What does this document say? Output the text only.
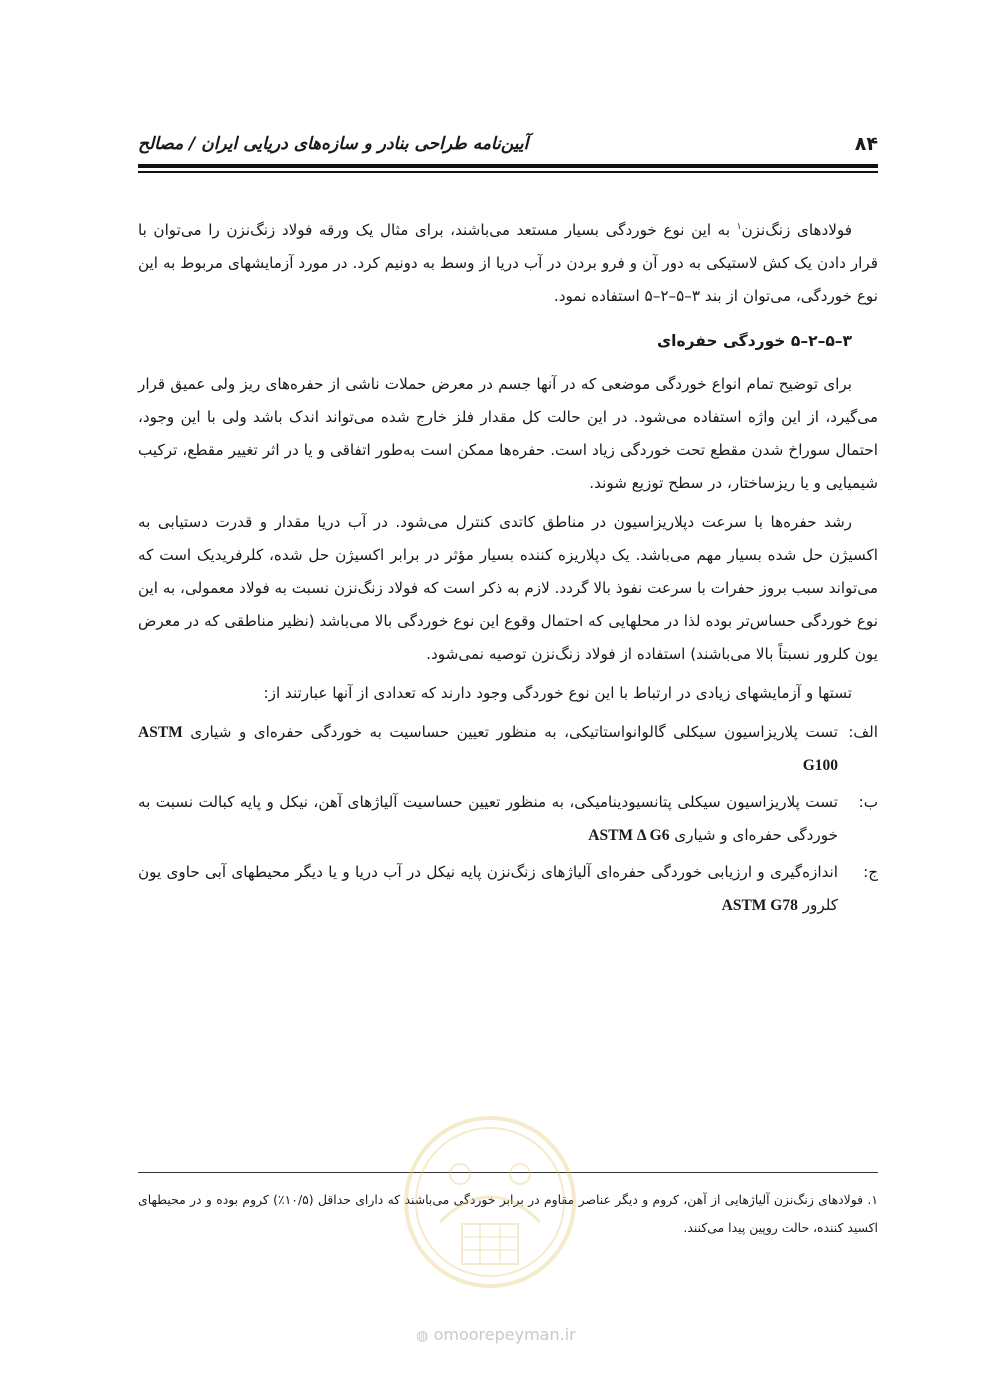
۸۴
آیین‌نامه طراحی بنادر و سازه‌های دریایی ایران / مصالح

فولادهای زنگ‌نزن$^۱$ به این نوع خوردگی بسیار مستعد می‌باشند، برای مثال یک ورقه فولاد زنگ‌نزن را می‌توان با قرار دادن یک کش لاستیکی به دور آن و فرو بردن در آب دریا از وسط به دونیم کرد. در مورد آزمایشهای مربوط به این نوع خوردگی، می‌توان از بند ۳–۵–۲–۵ استفاده نمود.

۳–۵–۲–۵ خوردگی حفره‌ای

برای توضیح تمام انواع خوردگی موضعی که در آنها جسم در معرض حملات ناشی از حفره‌های ریز ولی عمیق قرار می‌گیرد، از این واژه استفاده می‌شود. در این حالت کل مقدار فلز خارج شده می‌تواند اندک باشد ولی با این وجود، احتمال سوراخ شدن مقطع تحت خوردگی زیاد است. حفره‌ها ممکن است به‌طور اتفاقی و یا در اثر تغییر مقطع، ترکیب شیمیایی و یا ریزساختار، در سطح توزیع شوند.

رشد حفره‌ها با سرعت دپلاریزاسیون در مناطق کاتدی کنترل می‌شود. در آب دریا مقدار و قدرت دستیابی به اکسیژن حل شده بسیار مهم می‌باشد. یک دپلاریزه کننده بسیار مؤثر در برابر اکسیژن حل شده، کلرفریدیک است که می‌تواند سبب بروز حفرات با سرعت نفوذ بالا گردد. لازم به ذکر است که فولاد زنگ‌نزن نسبت به فولاد معمولی، به این نوع خوردگی حساس‌تر بوده لذا در محلهایی که احتمال وقوع این نوع خوردگی بالا می‌باشد (نظیر مناطقی که در معرض یون کلرور نسبتاً بالا می‌باشند) استفاده از فولاد زنگ‌نزن توصیه نمی‌شود.

تستها و آزمایشهای زیادی در ارتباط با این نوع خوردگی وجود دارند که تعدادی از آنها عبارتند از:

الف:
تست پلاریزاسیون سیکلی گالوانواستاتیکی، به منظور تعیین حساسیت به خوردگی حفره‌ای و شیاری ASTM G100
ب:
تست پلاریزاسیون سیکلی پتانسیودینامیکی، به منظور تعیین حساسیت آلیاژهای آهن، نیکل و پایه کبالت نسبت به خوردگی حفره‌ای و شیاری ASTM Δ G6
ج:
اندازه‌گیری و ارزیابی خوردگی حفره‌ای آلیاژهای زنگ‌نزن پایه نیکل در آب دریا و یا دیگر محیطهای آبی حاوی یون کلرور ASTM G78
۱. فولادهای زنگ‌نزن آلیاژهایی از آهن، کروم و دیگر عناصر مقاوم در برابر خوردگی می‌باشند که دارای حداقل (۱۰/۵٪) کروم بوده و در محیطهای اکسید کننده، حالت روپین پیدا می‌کنند.
◍ omoorepeyman.ir
